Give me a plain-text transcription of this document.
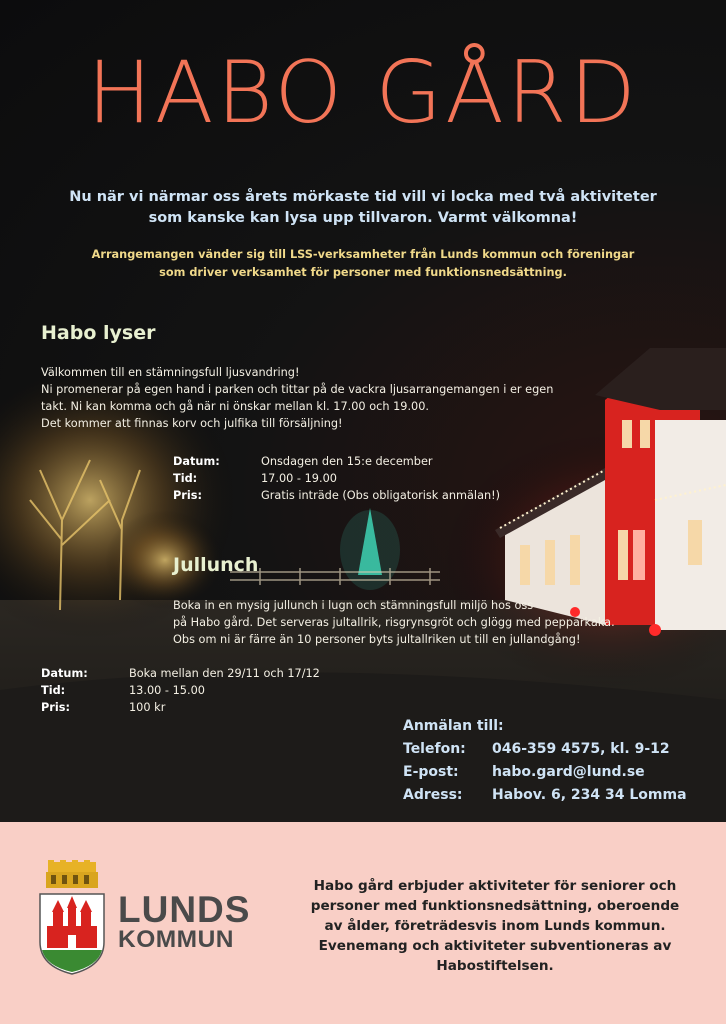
HABO GÅRD

Nu när vi närmar oss årets mörkaste tid vill vi locka med två aktiviteter som kanske kan lysa upp tillvaron. Varmt välkomna!

Arrangemangen vänder sig till LSS-verksamheter från Lunds kommun och föreningar som driver verksamhet för personer med funktionsnedsättning.

Habo lyser

Välkommen till en stämningsfull ljusvandring!
Ni promenerar på egen hand i parken och tittar på de vackra ljusarrangemangen i er egen
takt. Ni kan komma och gå när ni önskar mellan kl. 17.00 och 19.00.
Det kommer att finnas korv och julfika till försäljning!

Datum:	Onsdagen den 15:e december
Tid:	17.00 - 19.00
Pris:	Gratis inträde (Obs obligatorisk anmälan!)
Jullunch

Boka in en mysig jullunch i lugn och stämningsfull miljö hos oss
på Habo gård. Det serveras jultallrik, risgrynsgröt och glögg med pepparkaka.
Obs om ni är färre än 10 personer byts jultallriken ut till en jullandgång!

Datum:	Boka mellan den 29/11 och 17/12
Tid:	13.00 - 15.00
Pris:	100 kr
Anmälan till:
Telefon:	046-359 4575, kl. 9-12
E-post:	habo.gard@lund.se
Adress:	Habov. 6, 234 34 Lomma
LUNDS
KOMMUN

Habo gård erbjuder aktiviteter för seniorer och personer med funktionsnedsättning, oberoende av ålder, företrädesvis inom Lunds kommun. Evenemang och aktiviteter subventioneras av Habostiftelsen.
